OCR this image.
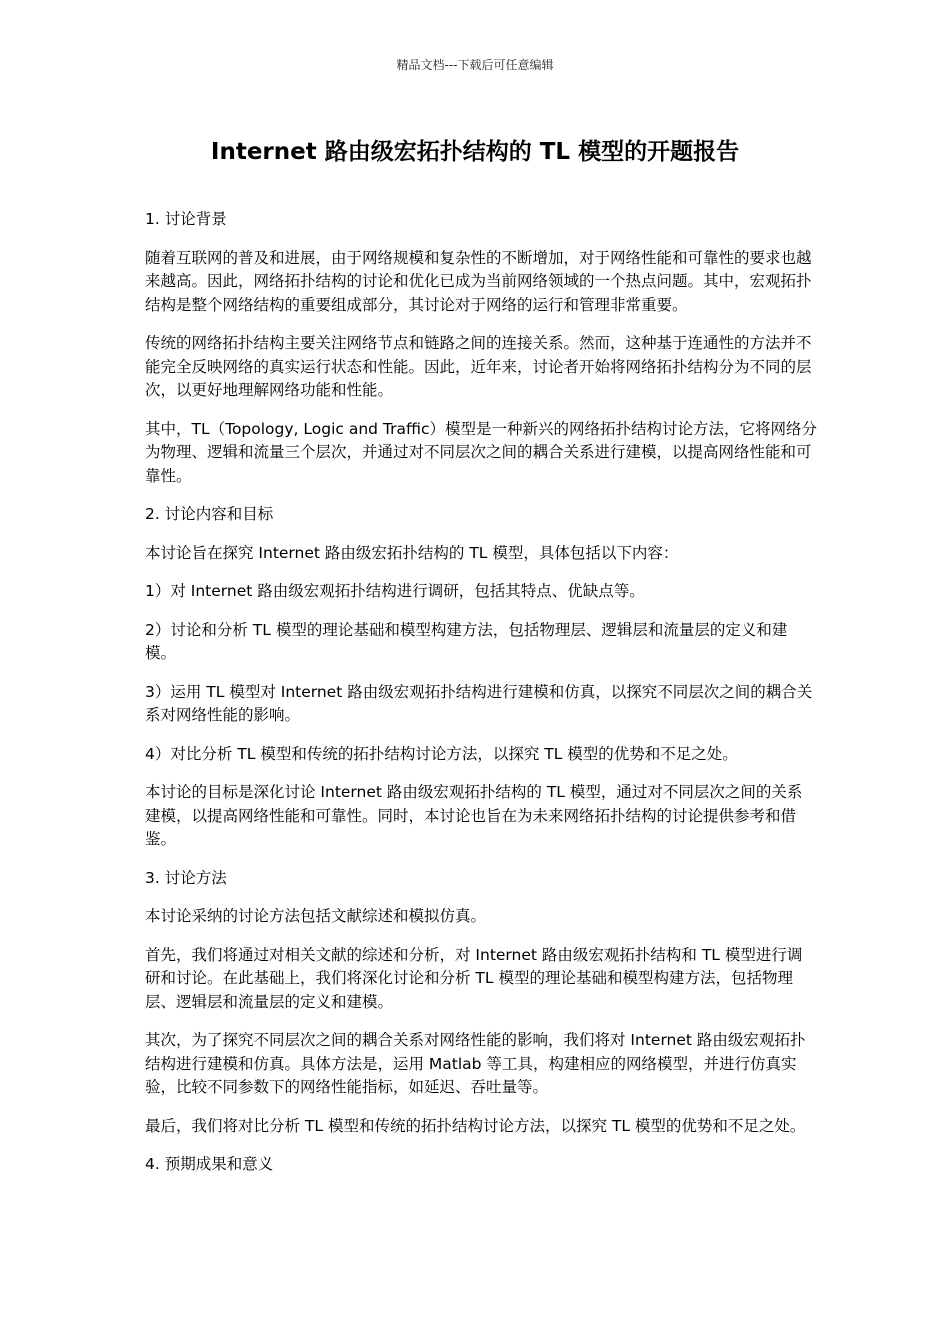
精品文档---下载后可任意编辑
Internet 路由级宏拓扑结构的 TL 模型的开题报告

1. 讨论背景

随着互联网的普及和进展，由于网络规模和复杂性的不断增加，对于网络性能和可靠性的要求也越来越高。因此，网络拓扑结构的讨论和优化已成为当前网络领域的一个热点问题。其中，宏观拓扑结构是整个网络结构的重要组成部分，其讨论对于网络的运行和管理非常重要。

传统的网络拓扑结构主要关注网络节点和链路之间的连接关系。然而，这种基于连通性的方法并不能完全反映网络的真实运行状态和性能。因此，近年来，讨论者开始将网络拓扑结构分为不同的层次，以更好地理解网络功能和性能。

其中，TL（Topology, Logic and Traffic）模型是一种新兴的网络拓扑结构讨论方法，它将网络分为物理、逻辑和流量三个层次，并通过对不同层次之间的耦合关系进行建模，以提高网络性能和可靠性。

2. 讨论内容和目标

本讨论旨在探究 Internet 路由级宏拓扑结构的 TL 模型，具体包括以下内容：

1）对 Internet 路由级宏观拓扑结构进行调研，包括其特点、优缺点等。

2）讨论和分析 TL 模型的理论基础和模型构建方法，包括物理层、逻辑层和流量层的定义和建模。

3）运用 TL 模型对 Internet 路由级宏观拓扑结构进行建模和仿真，以探究不同层次之间的耦合关系对网络性能的影响。

4）对比分析 TL 模型和传统的拓扑结构讨论方法，以探究 TL 模型的优势和不足之处。

本讨论的目标是深化讨论 Internet 路由级宏观拓扑结构的 TL 模型，通过对不同层次之间的关系建模，以提高网络性能和可靠性。同时，本讨论也旨在为未来网络拓扑结构的讨论提供参考和借鉴。

3. 讨论方法

本讨论采纳的讨论方法包括文献综述和模拟仿真。

首先，我们将通过对相关文献的综述和分析，对 Internet 路由级宏观拓扑结构和 TL 模型进行调研和讨论。在此基础上，我们将深化讨论和分析 TL 模型的理论基础和模型构建方法，包括物理层、逻辑层和流量层的定义和建模。

其次，为了探究不同层次之间的耦合关系对网络性能的影响，我们将对 Internet 路由级宏观拓扑结构进行建模和仿真。具体方法是，运用 Matlab 等工具，构建相应的网络模型，并进行仿真实验，比较不同参数下的网络性能指标，如延迟、吞吐量等。

最后，我们将对比分析 TL 模型和传统的拓扑结构讨论方法，以探究 TL 模型的优势和不足之处。

4. 预期成果和意义
